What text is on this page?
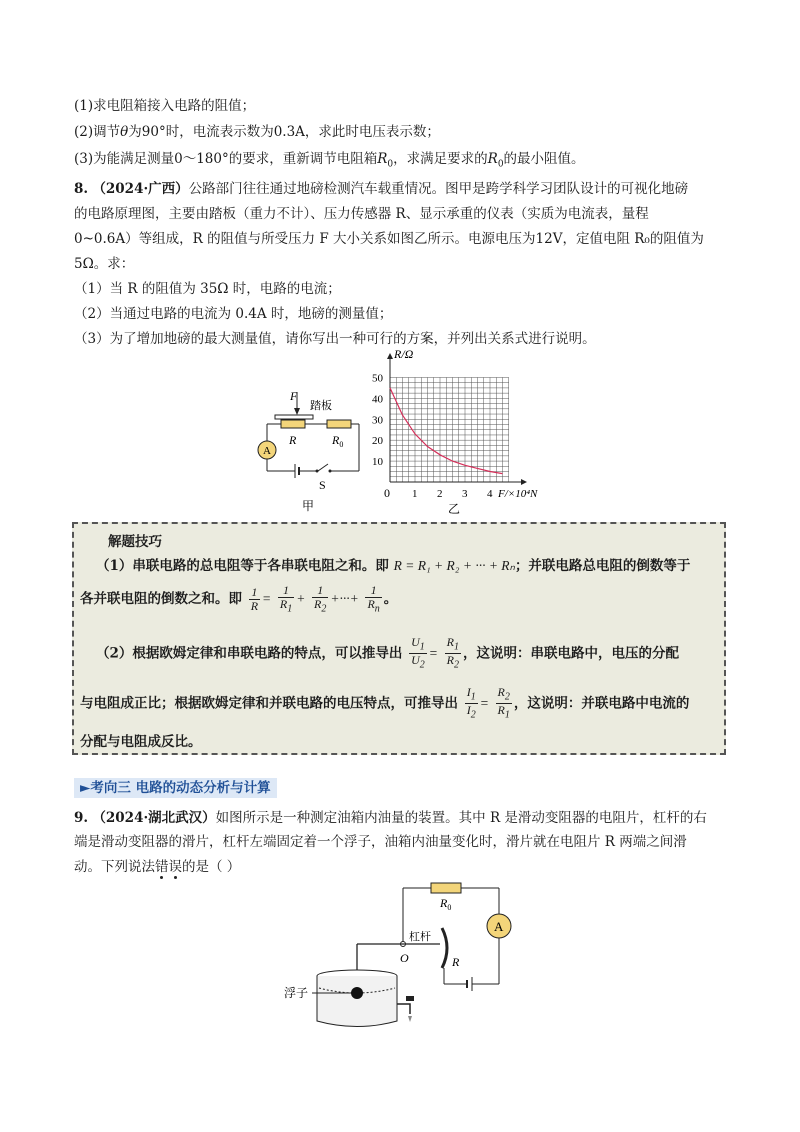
(1)求电阻箱接入电路的阻值；
(2)调节θ为90°时，电流表示数为0.3A，求此时电压表示数；
(3)为能满足测量0～180°的要求，重新调节电阻箱$R_0$，求满足要求的$R_0$的最小阻值。
8. （2024·广西）公路部门往往通过地磅检测汽车载重情况。图甲是跨学科学习团队设计的可视化地磅
的电路原理图，主要由踏板（重力不计）、压力传感器 R、显示承重的仪表（实质为电流表，量程
0~0.6A）等组成，R 的阻值与所受压力 F 大小关系如图乙所示。电源电压为12V，定值电阻 R₀的阻值为
5Ω。求：
（1）当 R 的阻值为 35Ω 时，电路的电流；
（2）当通过电路的电流为 0.4A 时，地磅的测量值；
（3）为了增加地磅的最大测量值，请你写出一种可行的方案，并列出关系式进行说明。
F
踏板
R	$R_0$
A
S
甲
10
20
30
40
50
1 2 3 4
R/Ω
F/×10⁴N
0
乙
解题技巧
（1）串联电路的总电阻等于各串联电阻之和。即 R = R₁ + R₂ + ··· + Rₙ；并联电路总电阻的倒数等于
各并联电阻的倒数之和。即 $\frac{1}{R} = \frac{1}{R_1} + \frac{1}{R_2}$ +···+ $\frac{1}{R_n}$ 。
（2）根据欧姆定律和串联电路的特点，可以推导出 $\frac{U_1}{U_2} = \frac{R_1}{R_2}$ ，这说明：串联电路中，电压的分配
与电阻成正比；根据欧姆定律和并联电路的电压特点，可推导出 $\frac{I_1}{I_2} = \frac{R_2}{R_1}$ ，这说明：并联电路中电流的
分配与电阻成反比。
►考向三 电路的动态分析与计算
9. （2024·湖北武汉）如图所示是一种测定油箱内油量的装置。其中 R 是滑动变阻器的电阻片，杠杆的右
端是滑动变阻器的滑片，杠杆左端固定着一个浮子，油箱内油量变化时，滑片就在电阻片 R 两端之间滑
动。下列说法错误的是（ ）
$R_0$
A
O
杠杆
R
浮子
